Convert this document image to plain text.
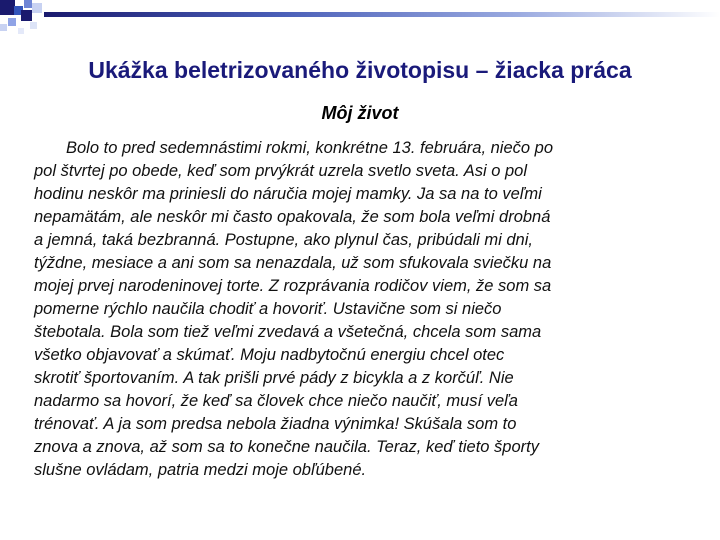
Ukážka beletrizovaného životopisu – žiacka práca
Môj život

Bolo to pred sedemnástimi rokmi, konkrétne 13. februára, niečo po
pol štvrtej po obede, keď som prvýkrát uzrela svetlo sveta. Asi o pol
hodinu neskôr ma priniesli do náručia mojej mamky. Ja sa na to veľmi
nepamätám, ale neskôr mi často opakovala, že som bola veľmi drobná
a jemná, taká bezbranná. Postupne, ako plynul čas, pribúdali mi dni,
týždne, mesiace a ani som sa nenazdala, už som sfukovala sviečku na
mojej prvej narodeninovej torte. Z rozprávania rodičov viem, že som sa
pomerne rýchlo naučila chodiť a hovoriť. Ustavične som si niečo
štebotala. Bola som tiež veľmi zvedavá a všetečná, chcela som sama
všetko objavovať a skúmať. Moju nadbytočnú energiu chcel otec
skrotiť športovaním. A tak prišli prvé pády z bicykla a z korčúľ. Nie
nadarmo sa hovorí, že keď sa človek chce niečo naučiť, musí veľa
trénovať. A ja som predsa nebola žiadna výnimka! Skúšala som to
znova a znova, až som sa to konečne naučila. Teraz, keď tieto športy
slušne ovládam, patria medzi moje obľúbené.
